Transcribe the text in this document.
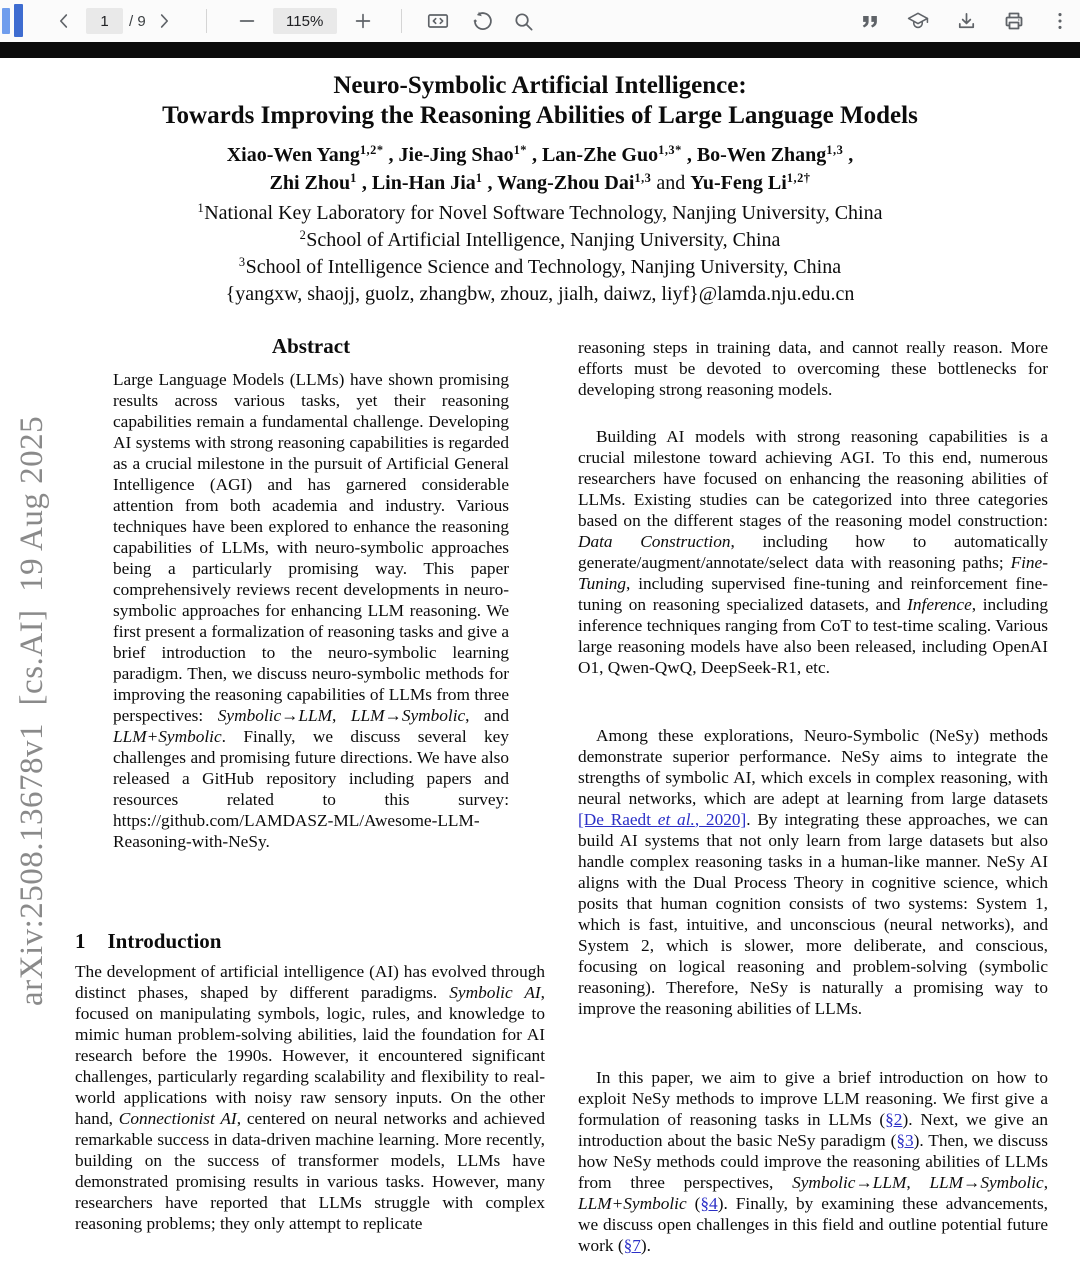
1
/ 9	115%
arXiv:2508.13678v1  [cs.AI]  19 Aug 2025
Neuro-Symbolic Artificial Intelligence:
Towards Improving the Reasoning Abilities of Large Language Models
Xiao-Wen Yang$^{1,2*}$ , Jie-Jing Shao$^{1*}$ , Lan-Zhe Guo$^{1,3*}$ , Bo-Wen Zhang$^{1,3}$ ,
Zhi Zhou$^1$ , Lin-Han Jia$^1$ , Wang-Zhou Dai$^{1,3}$ and Yu-Feng $Li^{1,2\dagger}$
$^1$National Key Laboratory for Novel Software Technology, Nanjing University, China
$^2$School of Artificial Intelligence, Nanjing University, China
$^3$School of Intelligence Science and Technology, Nanjing University, China
{yangxw, shaojj, guolz, zhangbw, zhouz, jialh, daiwz, liyf}@lamda.nju.edu.cn
Abstract
Large Language Models (LLMs) have shown promising results across various tasks, yet their reasoning capabilities remain a fundamental challenge. Developing AI systems with strong reasoning capabilities is regarded as a crucial milestone in the pursuit of Artificial General Intelligence (AGI) and has garnered considerable attention from both academia and industry. Various techniques have been explored to enhance the reasoning capabilities of LLMs, with neuro-symbolic approaches being a particularly promising way. This paper comprehensively reviews recent developments in neuro-symbolic approaches for enhancing LLM reasoning. We first present a formalization of reasoning tasks and give a brief introduction to the neuro-symbolic learning paradigm. Then, we discuss neuro-symbolic methods for improving the reasoning capabilities of LLMs from three perspectives: Symbolic→LLM, LLM→Symbolic, and LLM+Symbolic. Finally, we discuss several key challenges and promising future directions. We have also released a GitHub repository including papers and resources related to this survey: https://github.com/LAMDASZ-ML/Awesome-LLM-Reasoning-with-NeSy.
1 Introduction
The development of artificial intelligence (AI) has evolved through distinct phases, shaped by different paradigms. Symbolic AI, focused on manipulating symbols, logic, rules, and knowledge to mimic human problem-solving abilities, laid the foundation for AI research before the 1990s. However, it encountered significant challenges, particularly regarding scalability and flexibility to real-world applications with noisy raw sensory inputs. On the other hand, Connectionist AI, centered on neural networks and achieved remarkable success in data-driven machine learning. More recently, building on the success of transformer models, LLMs have demonstrated promising results in various tasks. However, many researchers have reported that LLMs struggle with complex reasoning problems; they only attempt to replicate
reasoning steps in training data, and cannot really reason. More efforts must be devoted to overcoming these bottlenecks for developing strong reasoning models.
Building AI models with strong reasoning capabilities is a crucial milestone toward achieving AGI. To this end, numerous researchers have focused on enhancing the reasoning abilities of LLMs. Existing studies can be categorized into three categories based on the different stages of the reasoning model construction: Data Construction, including how to automatically generate/augment/annotate/select data with reasoning paths; Fine-Tuning, including supervised fine-tuning and reinforcement fine-tuning on reasoning specialized datasets, and Inference, including inference techniques ranging from CoT to test-time scaling. Various large reasoning models have also been released, including OpenAI O1, Qwen-QwQ, DeepSeek-R1, etc.
Among these explorations, Neuro-Symbolic (NeSy) methods demonstrate superior performance. NeSy aims to integrate the strengths of symbolic AI, which excels in complex reasoning, with neural networks, which are adept at learning from large datasets [De Raedt et al., 2020]. By integrating these approaches, we can build AI systems that not only learn from large datasets but also handle complex reasoning tasks in a human-like manner. NeSy AI aligns with the Dual Process Theory in cognitive science, which posits that human cognition consists of two systems: System 1, which is fast, intuitive, and unconscious (neural networks), and System 2, which is slower, more deliberate, and conscious, focusing on logical reasoning and problem-solving (symbolic reasoning). Therefore, NeSy is naturally a promising way to improve the reasoning abilities of LLMs.
In this paper, we aim to give a brief introduction on how to exploit NeSy methods to improve LLM reasoning. We first give a formulation of reasoning tasks in LLMs (§2). Next, we give an introduction about the basic NeSy paradigm (§3). Then, we discuss how NeSy methods could improve the reasoning abilities of LLMs from three perspectives, Symbolic→LLM, LLM→Symbolic, LLM+Symbolic (§4). Finally, by examining these advancements, we discuss open challenges in this field and outline potential future work (§7).
